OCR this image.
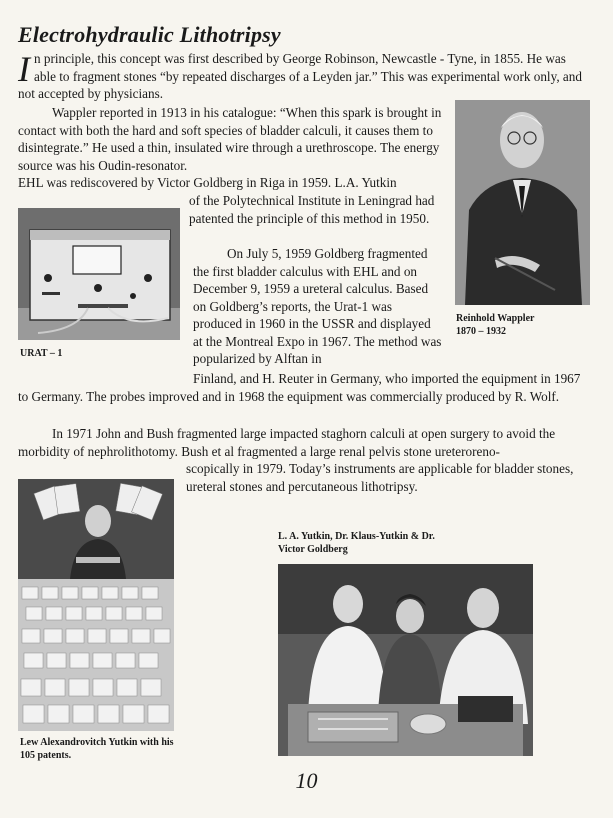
Electrohydraulic Lithotripsy

In principle, this concept was first described by George Robinson, Newcastle - Tyne, in 1855. He was able to fragment stones “by repeated discharges of a Leyden jar.” This was experimental work only, and not accepted by physicians.

Wappler reported in 1913 in his catalogue: “When this spark is brought in contact with both the hard and soft species of bladder calculi, it causes them to disintegrate.” He used a thin, insulated wire through a urethroscope. The energy source was his Oudin-resonator.

EHL was rediscovered by Victor Goldberg in Riga in 1959. L.A. Yutkin

of the Polytechnical Institute in Leningrad had patented the principle of this method in 1950.

On July 5, 1959 Goldberg fragmented the first bladder calculus with EHL and on December 9, 1959 a ureteral calculus. Based on Goldberg’s reports, the Urat-1 was produced in 1960 in the USSR and displayed at the Montreal Expo in 1967. The method was popularized by Alftan in

Finland, and H. Reuter in Germany, who imported the equipment in 1967 to Germany. The probes improved and in 1968 the equipment was commercially produced by R. Wolf.

In 1971 John and Bush fragmented large impacted staghorn calculi at open surgery to avoid the morbidity of nephrolithotomy. Bush et al fragmented a large renal pelvis stone ureteroreno-

scopically in 1979. Today’s instruments are applicable for bladder stones, ureteral stones and percutaneous lithotripsy.

Reinhold Wappler
1870 – 1932
URAT – 1
Lew Alexandrovitch Yutkin with his 105 patents.
L. A. Yutkin, Dr. Klaus-Yutkin & Dr. Victor Goldberg
10
